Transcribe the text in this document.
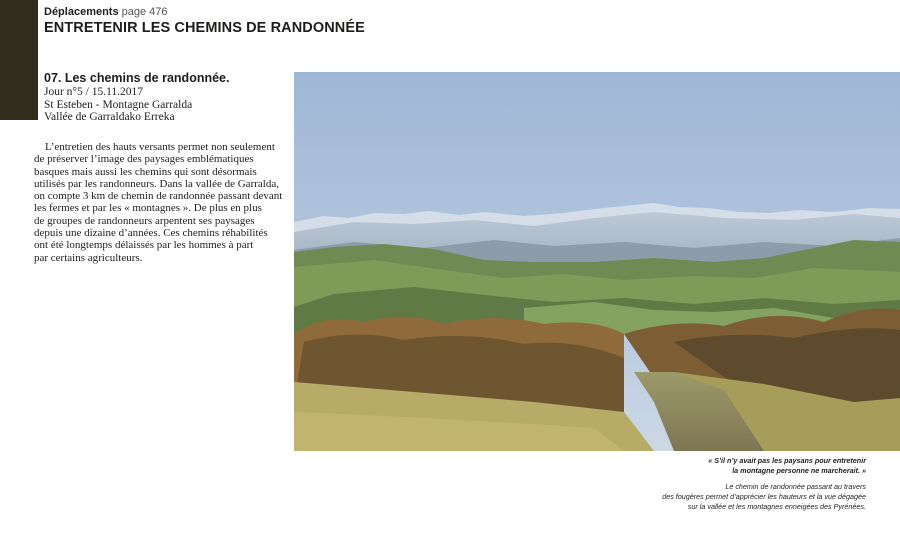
Déplacements page 476
ENTRETENIR LES CHEMINS DE RANDONNÉE
07. Les chemins de randonnée.
Jour n°5 / 15.11.2017
St Esteben - Montagne Garralda
Vallée de Garraldako Erreka
L’entretien des hauts versants permet non seulement
de préserver l’image des paysages emblématiques
basques mais aussi les chemins qui sont désormais
utilisés par les randonneurs. Dans la vallée de Garralda,
on compte 3 km de chemin de randonnée passant devant
les fermes et par les « montagnes ». De plus en plus
de groupes de randonneurs arpentent ses paysages
depuis une dizaine d’années. Ces chemins réhabilités
ont été longtemps délaissés par les hommes à part
par certains agriculteurs.
« S’il n’y avait pas les paysans pour entretenir
la montagne personne ne marcherait. »
Le chemin de randonnée passant au travers
des fougères permet d’apprécier les hauteurs et la vue dégagée
sur la vallée et les montagnes enneigées des Pyrénées.
